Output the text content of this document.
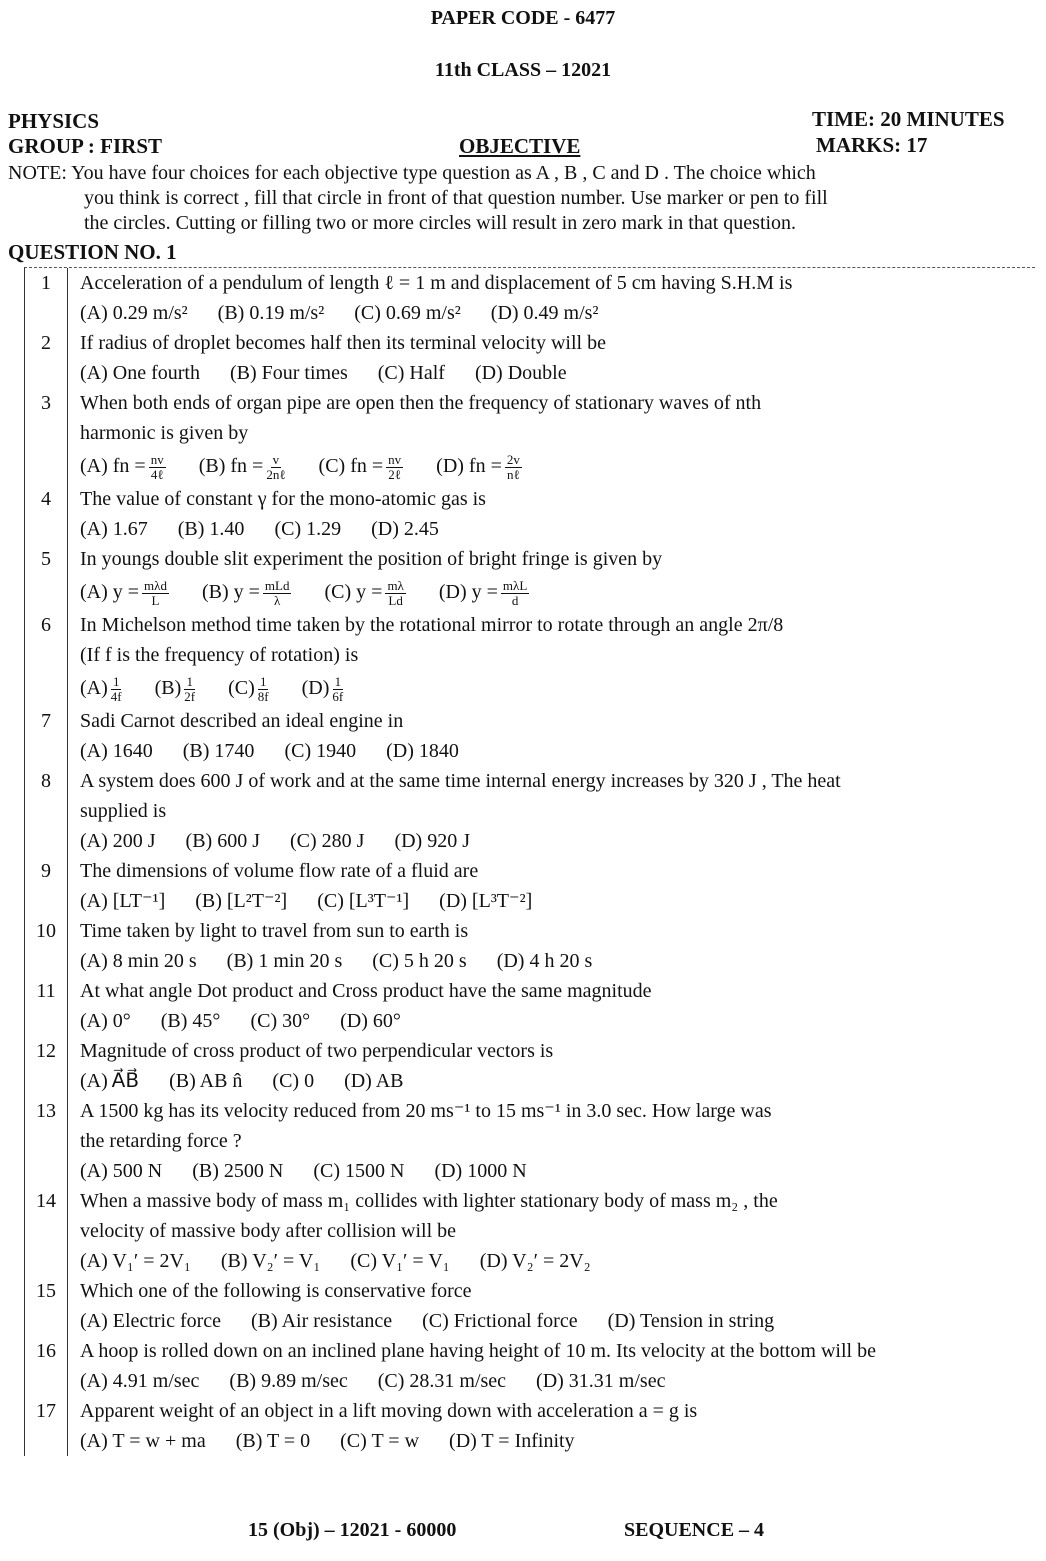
PAPER CODE - 6477
11th CLASS – 12021
PHYSICS
GROUP : FIRST	OBJECTIVE
TIME: 20 MINUTES
MARKS: 17
NOTE: You have four choices for each objective type question as A , B , C and D . The choice which
you think is correct , fill that circle in front of that question number. Use marker or pen to fill
the circles. Cutting or filling two or more circles will result in zero mark in that question.
QUESTION NO. 1
1	Acceleration of a pendulum of length ℓ = 1 m and displacement of 5 cm having S.H.M is
(A) 0.29 m/s² (B) 0.19 m/s² (C) 0.69 m/s² (D) 0.49 m/s²
2	If radius of droplet becomes half then its terminal velocity will be
(A) One fourth (B) Four times (C) Half (D) Double
3	When both ends of organ pipe are open then the frequency of stationary waves of nth
harmonic is given by
(A) fn = $\frac{nv}{\text{4ℓ}} (B)$ fn = $\frac{v}{\text{2nℓ}} (C)$ fn = $\frac{nv}{\text{2ℓ}} (D)$ fn = $\frac{2v}{\text{nℓ}}$
4	The value of constant γ for the mono-atomic gas is
(A) 1.67 (B) 1.40 (C) 1.29 (D) 2.45
5	In youngs double slit experiment the position of bright fringe is given by
(A) $y = \frac{\text{mλd}}{L} (B) y = \frac{\text{mLd}}{\lambda} (C) y = \frac{m\lambda}{Ld} (D) y = \frac{\text{mλL}}{d}$
6	In Michelson method time taken by the rotational mirror to rotate through an angle 2π/8
(If f is the frequency of rotation) is
$(A) \frac{1}{4f} (B) \frac{1}{2f} (C) \frac{1}{8f} (D) \frac{1}{6f}$
7	Sadi Carnot described an ideal engine in
(A) 1640 (B) 1740 (C) 1940 (D) 1840
8	A system does 600 J of work and at the same time internal energy increases by 320 J , The heat
supplied is
(A) 200 J (B) 600 J (C) 280 J (D) 920 J
9	The dimensions of volume flow rate of a fluid are
(A) [LT⁻¹] (B) [L²T⁻²] (C) [L³T⁻¹] (D) [L³T⁻²]
10	Time taken by light to travel from sun to earth is
(A) 8 min 20 s (B) 1 min 20 s (C) 5 h 20 s (D) 4 h 20 s
11	At what angle Dot product and Cross product have the same magnitude
(A) 0° (B) 45° (C) 30° (D) 60°
12	Magnitude of cross product of two perpendicular vectors is
(A) A⃗B⃗ (B) AB n̂ (C) 0 (D) AB
13	A 1500 kg has its velocity reduced from 20 ms⁻¹ to 15 ms⁻¹ in 3.0 sec. How large was
the retarding force ?
(A) 500 N (B) 2500 N (C) 1500 N (D) 1000 N
14	When a massive body of mass m₁ collides with lighter stationary body of mass m₂ , the
velocity of massive body after collision will be
(A) V₁′ = 2V₁ (B) V₂′ = V₁ (C) V₁′ = V₁ (D) V₂′ = 2V₂
15	Which one of the following is conservative force
(A) Electric force (B) Air resistance (C) Frictional force (D) Tension in string
16	A hoop is rolled down on an inclined plane having height of 10 m. Its velocity at the bottom will be
(A) 4.91 m/sec (B) 9.89 m/sec (C) 28.31 m/sec (D) 31.31 m/sec
17	Apparent weight of an object in a lift moving down with acceleration a = g is
(A) T = w + ma (B) T = 0 (C) T = w (D) T = Infinity
15 (Obj) – 12021 - 60000	SEQUENCE – 4
